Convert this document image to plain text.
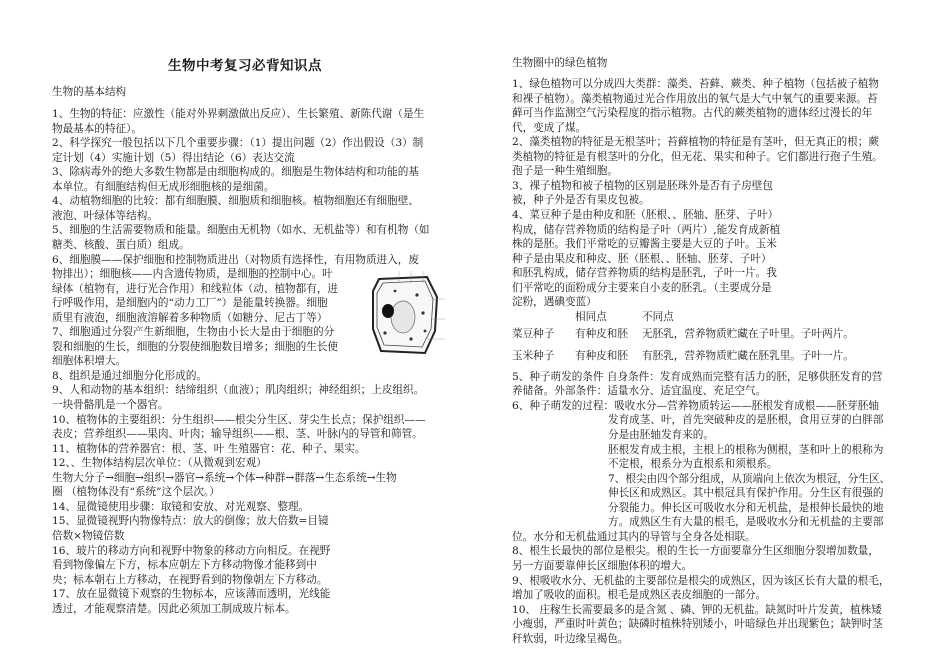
生物中考复习必背知识点
生物的基本结构
1、生物的特征：应激性（能对外界刺激做出反应）、生长繁殖、新陈代谢（是生
物最基本的特征）。
2、科学探究一般包括以下几个重要步骤：（1）提出问题（2）作出假设（3）制
定计划（4）实施计划（5）得出结论（6）表达交流
3、除病毒外的绝大多数生物都是由细胞构成的。细胞是生物体结构和功能的基
本单位。有细胞结构但无成形细胞核的是细菌。
4、动植物细胞的比较：都有细胞膜、细胞质和细胞核。植物细胞还有细胞壁、
液泡、叶绿体等结构。
5、细胞的生活需要物质和能量。细胞由无机物（如水、无机盐等）和有机物（如
糖类、核酸、蛋白质）组成。
6、细胞膜——保护细胞和控制物质进出（对物质有选择性，有用物质进入，废
物排出）；细胞核——内含遗传物质，是细胞的控制中心。叶
绿体（植物有，进行光合作用）和线粒体（动、植物都有，进
行呼吸作用，是细胞内的“动力工厂”）是能量转换器。细胞
质里有液泡，细胞液溶解着多种物质（如糖分、尼古丁等）
7、细胞通过分裂产生新细胞，生物由小长大是由于细胞的分
裂和细胞的生长，细胞的分裂使细胞数目增多；细胞的生长使
细胞体积增大。
8、组织是通过细胞分化形成的。
9、人和动物的基本组织：结缔组织（血液）；肌肉组织；神经组织；上皮组织。
一块骨骼肌是一个器官。
10、植物体的主要组织：分生组织——根尖分生区、芽尖生长点；保护组织——
表皮；营养组织——果肉、叶肉；输导组织——根、茎、叶脉内的导管和筛管。
11、植物体的营养器官：根、茎、叶 生殖器官：花、种子、果实。
12、、生物体结构层次单位：（从微观到宏观）
生物大分子→细胞→组织→器官→系统→个体→种群→群落→生态系统→生物
圈 （植物体没有“系统”这个层次。）
14、显微镜使用步骤：取镜和安放、对光观察、整理。
15、显微镜视野内物像特点：放大的倒像；放大倍数=目镜
倍数×物镜倍数
16、玻片的移动方向和视野中物象的移动方向相反。在视野
看到物像偏左下方，标本应朝左下方移动物像才能移到中
央；标本朝右上方移动，在视野看到的物像朝左下方移动。
17、放在显微镜下观察的生物标本，应该薄而透明，光线能
透过，才能观察清楚。因此必须加工制成玻片标本。
生物圈中的绿色植物
1、绿色植物可以分成四大类群：藻类、苔藓、蕨类、种子植物（包括被子植物
和裸子植物）。藻类植物通过光合作用放出的氧气是大气中氧气的重要来源。苔
藓可当作监测空气污染程度的指示植物。古代的蕨类植物的遗体经过漫长的年
代，变成了煤。
2、藻类植物的特征是无根茎叶；苔藓植物的特征是有茎叶，但无真正的根；蕨
类植物的特征是有根茎叶的分化，但无花、果实和种子。它们都进行孢子生殖。
孢子是一种生殖细胞。
3、裸子植物和被子植物的区别是胚珠外是否有子房壁包
被，种子外是否有果皮包被。
4、菜豆种子是由种皮和胚（胚根、、胚轴、胚芽、子叶）
构成，储存营养物质的结构是子叶（两片）,能发育成新植
株的是胚。我们平常吃的豆瓣酱主要是大豆的子叶。玉米
种子是由果皮和种皮、胚（胚根、、胚轴、胚芽、子叶）
和胚乳构成，储存营养物质的结构是胚乳，子叶一片。我
们平常吃的面粉成分主要来自小麦的胚乳。（主要成分是
淀粉，遇碘变蓝）
相同点	不同点
菜豆种子 有种皮和胚 无胚乳，营养物质贮藏在子叶里。子叶两片。
玉米种子 有种皮和胚 有胚乳，营养物质贮藏在胚乳里。子叶一片。
5、种子萌发的条件 自身条件：发育成熟而完整有活力的胚，足够供胚发育的营
养储备。外部条件：适量水分、适宜温度、充足空气。
6、种子萌发的过程：吸收水分—营养物质转运——胚根发育成根——胚芽胚轴
发育成茎、叶，首先突破种皮的是胚根，食用豆芽的白胖部
分是由胚轴发育来的。
胚根发育成主根，主根上的根称为侧根，茎和叶上的根称为
不定根，根系分为直根系和须根系。
7、根尖由四个部分组成，从顶端向上依次为根冠，分生区、
伸长区和成熟区。其中根冠具有保护作用。分生区有很强的
分裂能力。伸长区可吸收水分和无机盐，是根伸长最快的地
方。成熟区生有大量的根毛，是吸收水分和无机盐的主要部
位。水分和无机盐通过其内的导管与全身各处相联。
8、根生长最快的部位是根尖。根的生长一方面要靠分生区细胞分裂增加数量，
另一方面要靠伸长区细胞体积的增大。
9、根吸收水分、无机盐的主要部位是根尖的成熟区，因为该区长有大量的根毛，
增加了吸收的面积。根毛是成熟区表皮细胞的一部分。
10、 庄稼生长需要最多的是含氮 、磷、钾的无机盐。缺氮时叶片发黄，植株矮
小瘦弱，严重时叶黄色；缺磷时植株特别矮小，叶暗绿色并出现紫色；缺钾时茎
秆软弱，叶边缘呈褐色。
